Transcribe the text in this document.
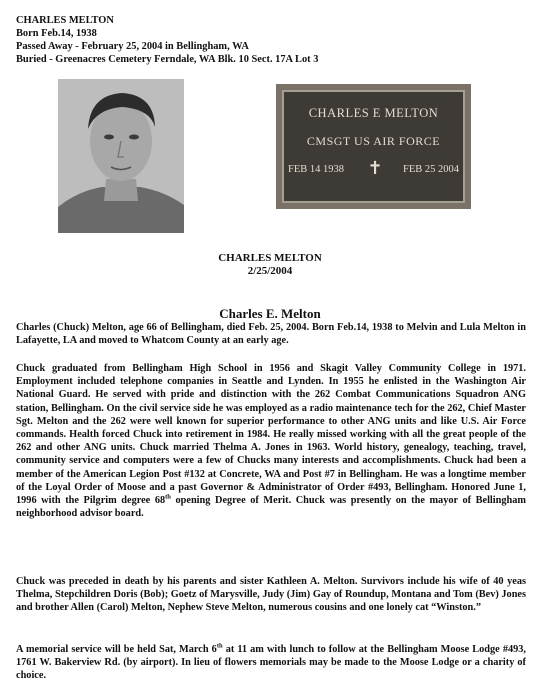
CHARLES MELTON
Born Feb.14, 1938
Passed Away - February 25, 2004 in Bellingham, WA
Buried - Greenacres Cemetery Ferndale, WA Blk. 10 Sect. 17A Lot 3
CHARLES E MELTON
CMSGT US AIR FORCE
FEB 14 1938 ✝ FEB 25 2004
CHARLES MELTON
2/25/2004
Charles E. Melton

Charles (Chuck) Melton, age 66 of Bellingham, died Feb. 25, 2004. Born Feb.14, 1938 to Melvin and Lula Melton in Lafayette, LA and moved to Whatcom County at an early age.

Chuck graduated from Bellingham High School in 1956 and Skagit Valley Community College in 1971. Employment included telephone companies in Seattle and Lynden. In 1955 he enlisted in the Washington Air National Guard. He served with pride and distinction with the 262 Combat Communications Squadron ANG station, Bellingham. On the civil service side he was employed as a radio maintenance tech for the 262, Chief Master Sgt. Melton and the 262 were well known for superior performance to other ANG units and like U.S. Air Force commands. Health forced Chuck into retirement in 1984. He really missed working with all the great people of the 262 and other ANG units. Chuck married Thelma A. Jones in 1963. World history, genealogy, teaching, travel, community service and computers were a few of Chucks many interests and accomplishments. Chuck had been a member of the American Legion Post #132 at Concrete, WA and Post #7 in Bellingham. He was a longtime member of the Loyal Order of Moose and a past Governor & Administrator of Order #493, Bellingham. Honored June 1, 1996 with the Pilgrim degree 68th opening Degree of Merit. Chuck was presently on the mayor of Bellingham neighborhood advisor board.

Chuck was preceded in death by his parents and sister Kathleen A. Melton. Survivors include his wife of 40 yeas Thelma, Stepchildren Doris (Bob); Goetz of Marysville, Judy (Jim) Gay of Roundup, Montana and Tom (Bev) Jones and brother Allen (Carol) Melton, Nephew Steve Melton, numerous cousins and one lonely cat “Winston.”

A memorial service will be held Sat, March 6th at 11 am with lunch to follow at the Bellingham Moose Lodge #493, 1761 W. Bakerview Rd. (by airport). In lieu of flowers memorials may be made to the Moose Lodge or a charity of choice.
